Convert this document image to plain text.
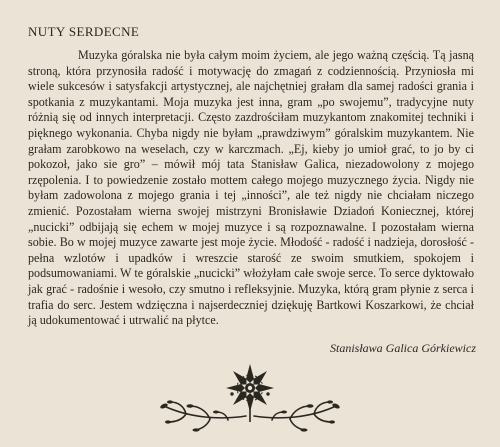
NUTY SERDECNE

Muzyka góralska nie była całym moim życiem, ale jego ważną częścią. Tą jasną stroną, która przynosiła radość i motywację do zmagań z codziennością. Przyniosła mi wiele sukcesów i satysfakcji artystycznej, ale najchętniej grałam dla samej radości grania i spotkania z muzykantami. Moja muzyka jest inna, gram „po swojemu”, tradycyjne nuty różnią się od innych interpretacji. Często zazdrościłam muzykantom znakomitej techniki i pięknego wykonania. Chyba nigdy nie byłam „prawdziwym” góralskim muzykantem. Nie grałam zarobkowo na weselach, czy w karczmach. „Ej, kieby jo umioł grać, to jo by ci pokozoł, jako sie gro” – mówił mój tata Stanisław Galica, niezadowolony z mojego rzępolenia. I to powiedzenie zostało mottem całego mojego muzycznego życia. Nigdy nie byłam zadowolona z mojego grania i tej „inności”, ale też nigdy nie chciałam niczego zmienić. Pozostałam wierna swojej mistrzyni Bronisławie Dziadoń Koniecznej, której „nucicki” odbijają się echem w mojej muzyce i są rozpoznawalne. I pozostałam wierna sobie. Bo w mojej muzyce zawarte jest moje życie. Młodość - radość i nadzieja, dorosłość - pełna wzlotów i upadków i wreszcie starość ze swoim smutkiem, spokojem i podsumowaniami. W te góralskie „nucicki” włożyłam całe swoje serce. To serce dyktowało jak grać - radośnie i wesoło, czy smutno i refleksyjnie. Muzyka, którą gram płynie z serca i trafia do serc. Jestem wdzięczna i najserdeczniej dziękuję Bartkowi Koszarkowi, że chciał ją udokumentować i utrwalić na płytce.

Stanisława Galica Górkiewicz
